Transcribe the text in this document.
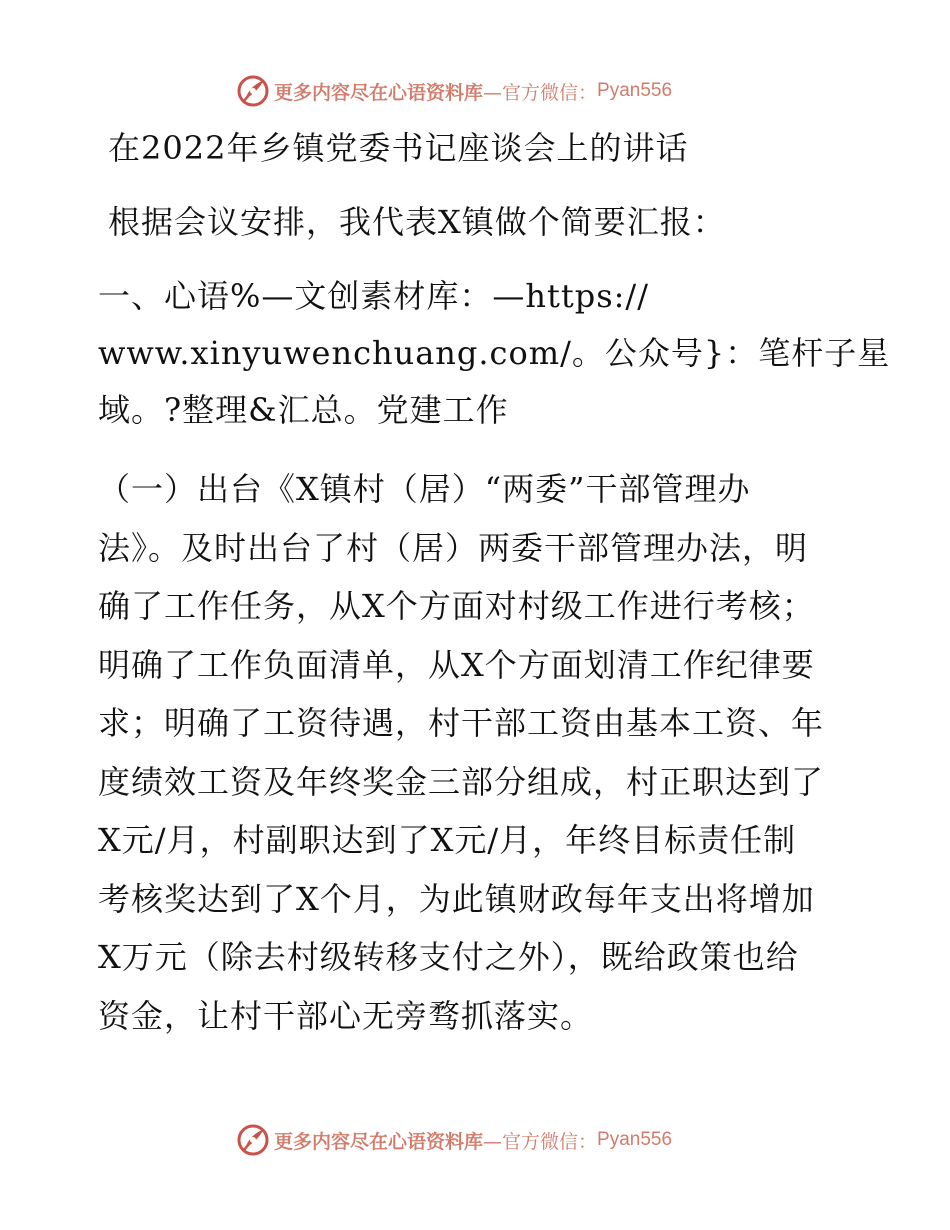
更多内容尽在心语资料库 —官方微信： Pyan556
在2022年乡镇党委书记座谈会上的讲话
根据会议安排，我代表X镇做个简要汇报：
一、心语%—文创素材库：—https://
www.xinyuwenchuang.com/。公众号}：笔杆子星
域。?整理&汇总。党建工作
（一）出台《X镇村（居）“两委”干部管理办
法》。及时出台了村（居）两委干部管理办法，明
确了工作任务，从X个方面对村级工作进行考核；
明确了工作负面清单，从X个方面划清工作纪律要
求；明确了工资待遇，村干部工资由基本工资、年
度绩效工资及年终奖金三部分组成，村正职达到了
X元/月，村副职达到了X元/月，年终目标责任制
考核奖达到了X个月，为此镇财政每年支出将增加
X万元（除去村级转移支付之外），既给政策也给
资金，让村干部心无旁骛抓落实。
更多内容尽在心语资料库 —官方微信： Pyan556
